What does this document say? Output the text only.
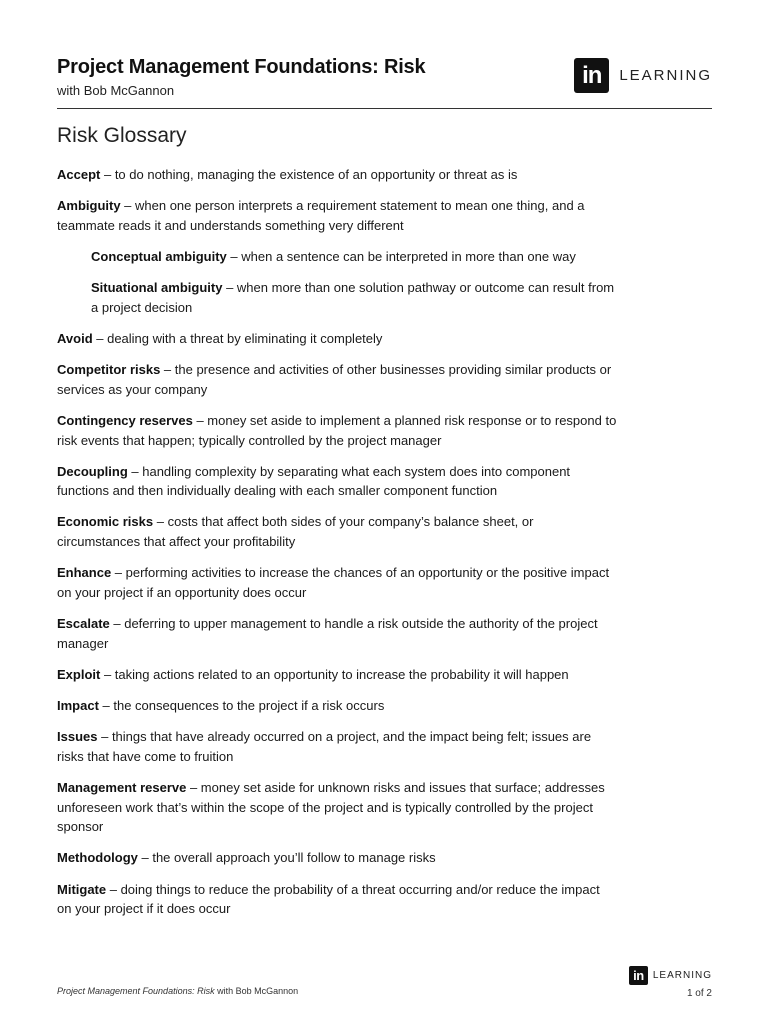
Project Management Foundations: Risk
with Bob McGannon
in	LEARNING
Risk Glossary

Accept – to do nothing, managing the existence of an opportunity or threat as is

Ambiguity – when one person interprets a requirement statement to mean one thing, and a teammate reads it and understands something very different

Conceptual ambiguity – when a sentence can be interpreted in more than one way

Situational ambiguity – when more than one solution pathway or outcome can result from a project decision

Avoid – dealing with a threat by eliminating it completely

Competitor risks – the presence and activities of other businesses providing similar products or services as your company

Contingency reserves – money set aside to implement a planned risk response or to respond to risk events that happen; typically controlled by the project manager

Decoupling – handling complexity by separating what each system does into component functions and then individually dealing with each smaller component function

Economic risks – costs that affect both sides of your company’s balance sheet, or circumstances that affect your profitability

Enhance – performing activities to increase the chances of an opportunity or the positive impact on your project if an opportunity does occur

Escalate – deferring to upper management to handle a risk outside the authority of the project manager

Exploit – taking actions related to an opportunity to increase the probability it will happen

Impact – the consequences to the project if a risk occurs

Issues – things that have already occurred on a project, and the impact being felt; issues are risks that have come to fruition

Management reserve – money set aside for unknown risks and issues that surface; addresses unforeseen work that’s within the scope of the project and is typically controlled by the project sponsor

Methodology – the overall approach you’ll follow to manage risks

Mitigate – doing things to reduce the probability of a threat occurring and/or reduce the impact on your project if it does occur

Project Management Foundations: Risk with Bob McGannon
in LEARNING
1 of 2
